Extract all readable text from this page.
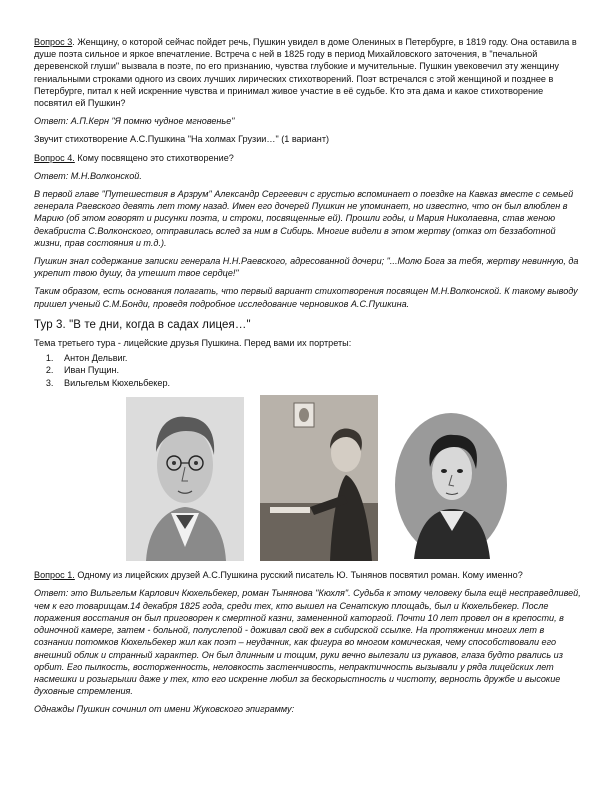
Вопрос 3. Женщину, о которой сейчас пойдет речь, Пушкин увидел в доме Олениных в Петербурге, в 1819 году. Она оставила в душе поэта сильное и яркое впечатление. Встреча с ней в 1825 году в период Михайловского заточения, в "печальной деревенской глуши" вызвала в поэте, по его признанию, чувства глубокие и мучительные. Пушкин увековечил эту женщину гениальными строками одного из своих лучших лирических стихотворений. Поэт встречался с этой женщиной и позднее в Петербурге, питал к ней искренние чувства и принимал живое участие в её судьбе. Кто эта дама и какое стихотворение посвятил ей Пушкин?

Ответ: А.П.Керн "Я помню чудное мгновенье"

Звучит стихотворение А.С.Пушкина "На холмах Грузии…" (1 вариант)

Вопрос 4. Кому посвящено это стихотворение?

Ответ: М.Н.Волконской.

В первой главе "Путешествия в Арзрум" Александр Сергеевич с грустью вспоминает о поездке на Кавказ вместе с семьей генерала Раевского девять лет тому назад. Имен его дочерей Пушкин не упоминает, но известно, что он был влюблен в Марию (об этом говорят и рисунки поэта, и строки, посвященные ей). Прошли годы, и Мария Николаевна, став женою декабриста С.Волконского, отправилась вслед за ним в Сибирь. Многие видели в этом жертву (отказ от беззаботной жизни, прав состояния и т.д.).

Пушкин знал содержание записки генерала Н.Н.Раевского, адресованной дочери; "...Молю Бога за тебя, жертву невинную, да укрепит твою душу, да утешит твое сердце!"

Таким образом, есть основания полагать, что первый вариант стихотворения посвящен М.Н.Волконской. К такому выводу пришел ученый С.М.Бонди, проведя подробное исследование черновиков А.С.Пушкина.

Тур 3. "В те дни, когда в садах лицея…"

Тема третьего тура - лицейские друзья Пушкина. Перед вами их портреты:

1. Антон Дельвиг.
2. Иван Пущин.
3. Вильгельм Кюхельбекер.

Вопрос 1. Одному из лицейских друзей А.С.Пушкина русский писатель Ю. Тынянов посвятил роман. Кому именно?

Ответ: это Вильгельм Карлович Кюхельбекер, роман Тынянова "Кюхля". Судьба к этому человеку была ещё несправедливей, чем к его товарищам.14 декабря 1825 года, среди тех, кто вышел на Сенатскую площадь, был и Кюхельбекер. После поражения восстания он был приговорен к смертной казни, замененной каторгой. Почти 10 лет провел он в крепости, в одиночной камере, затем - больной, полуслепой - доживал свой век в сибирской ссылке. На протяжении многих лет в сознании потомков Кюхельбекер жил как поэт – неудачник, как фигура во многом комическая, чему способствовали его внешний облик и странный характер. Он был длинным и тощим, руки вечно вылезали из рукавов, глаза будто рвались из орбит. Его пылкость, восторженность, неловкость застенчивость, непрактичность вызывали у ряда лицейских лет насмешки и розыгрыши даже у тех, кто его искренне любил за бескорыстность и чистоту, верность дружбе и высокие духовные стремления.

Однажды Пушкин сочинил от имени Жуковского эпиграмму:
